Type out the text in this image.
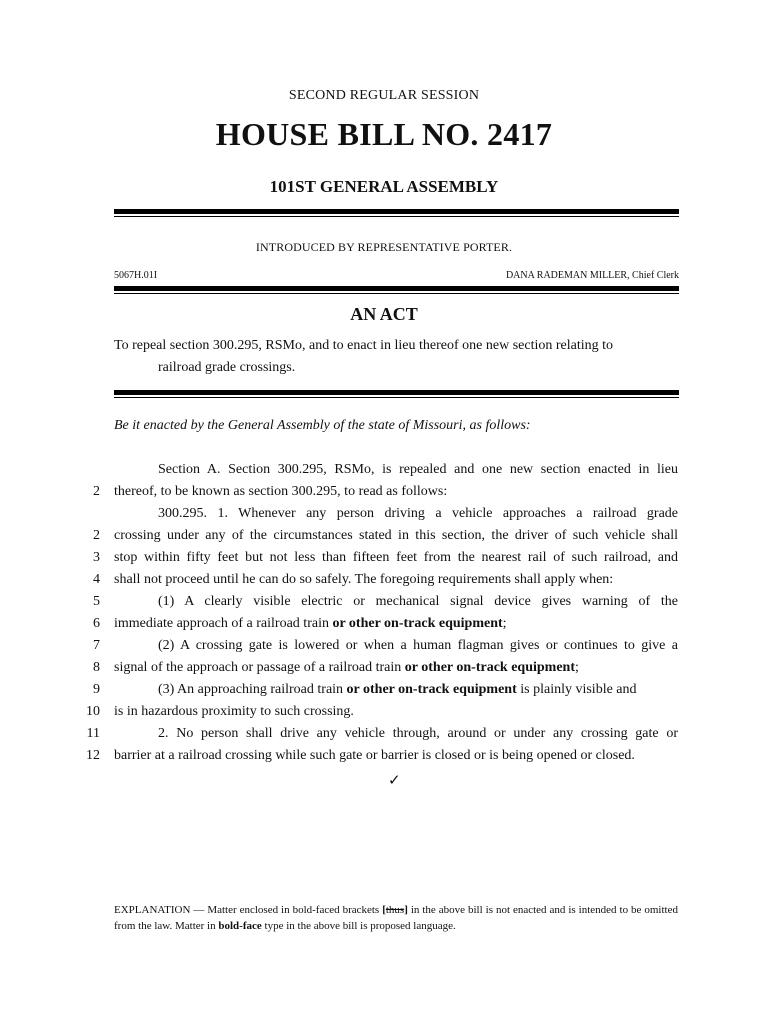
SECOND REGULAR SESSION
HOUSE BILL NO. 2417
101ST GENERAL ASSEMBLY
INTRODUCED BY REPRESENTATIVE PORTER.
5067H.01I	DANA RADEMAN MILLER, Chief Clerk
AN ACT
To repeal section 300.295, RSMo, and to enact in lieu thereof one new section relating to
railroad grade crossings.
Be it enacted by the General Assembly of the state of Missouri, as follows:
Section A. Section 300.295, RSMo, is repealed and one new section enacted in lieu
2 thereof, to be known as section 300.295, to read as follows:
300.295. 1. Whenever any person driving a vehicle approaches a railroad grade
2 crossing under any of the circumstances stated in this section, the driver of such vehicle shall
3 stop within fifty feet but not less than fifteen feet from the nearest rail of such railroad, and
4 shall not proceed until he can do so safely. The foregoing requirements shall apply when:
5	(1) A clearly visible electric or mechanical signal device gives warning of the
6 immediate approach of a railroad train or other on-track equipment;
7	(2) A crossing gate is lowered or when a human flagman gives or continues to give a
8 signal of the approach or passage of a railroad train or other on-track equipment;
9	(3) An approaching railroad train or other on-track equipment is plainly visible and
10 is in hazardous proximity to such crossing.
11	2. No person shall drive any vehicle through, around or under any crossing gate or
12 barrier at a railroad crossing while such gate or barrier is closed or is being opened or closed.
✓
EXPLANATION — Matter enclosed in bold-faced brackets [thus] in the above bill is not enacted and is intended to be omitted from the law. Matter in bold-face type in the above bill is proposed language.
